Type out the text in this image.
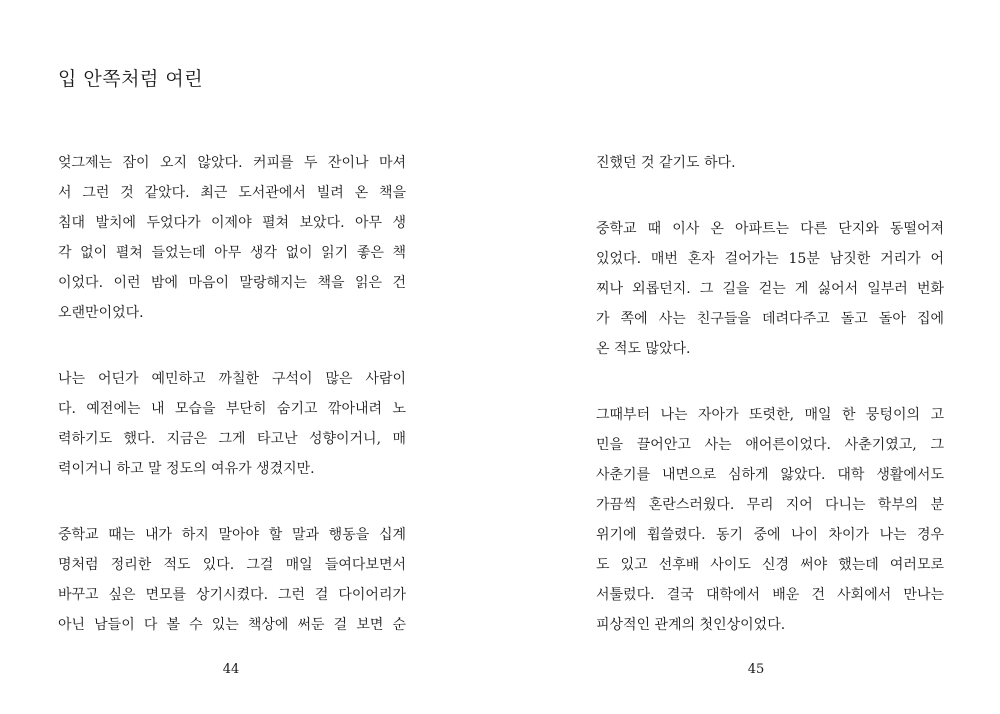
입 안쪽처럼 여린

엊그제는 잠이 오지 않았다. 커피를 두 잔이나 마셔
서 그런 것 같았다. 최근 도서관에서 빌려 온 책을
침대 발치에 두었다가 이제야 펼쳐 보았다. 아무 생
각 없이 펼쳐 들었는데 아무 생각 없이 읽기 좋은 책
이었다. 이런 밤에 마음이 말랑해지는 책을 읽은 건
오랜만이었다.

나는 어딘가 예민하고 까칠한 구석이 많은 사람이
다. 예전에는 내 모습을 부단히 숨기고 깎아내려 노
력하기도 했다. 지금은 그게 타고난 성향이거니, 매
력이거니 하고 말 정도의 여유가 생겼지만.

중학교 때는 내가 하지 말아야 할 말과 행동을 십계
명처럼 정리한 적도 있다. 그걸 매일 들여다보면서
바꾸고 싶은 면모를 상기시켰다. 그런 걸 다이어리가
아닌 남들이 다 볼 수 있는 책상에 써둔 걸 보면 순

44

진했던 것 같기도 하다.

중학교 때 이사 온 아파트는 다른 단지와 동떨어져
있었다. 매번 혼자 걸어가는 15분 남짓한 거리가 어
찌나 외롭던지. 그 길을 걷는 게 싫어서 일부러 번화
가 쪽에 사는 친구들을 데려다주고 돌고 돌아 집에
온 적도 많았다.

그때부터 나는 자아가 또렷한, 매일 한 뭉텅이의 고
민을 끌어안고 사는 애어른이었다. 사춘기였고, 그
사춘기를 내면으로 심하게 앓았다. 대학 생활에서도
가끔씩 혼란스러웠다. 무리 지어 다니는 학부의 분
위기에 휩쓸렸다. 동기 중에 나이 차이가 나는 경우
도 있고 선후배 사이도 신경 써야 했는데 여러모로
서툴렀다. 결국 대학에서 배운 건 사회에서 만나는
피상적인 관계의 첫인상이었다.

45
